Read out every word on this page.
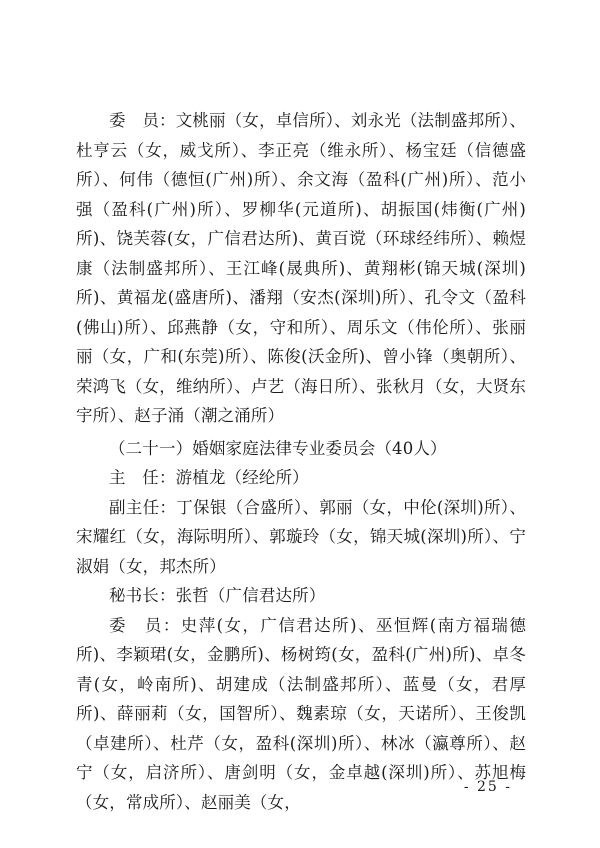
委　员：文桃丽（女，卓信所）、刘永光（法制盛邦所）、杜亨云（女，威戈所）、李正亮（维永所）、杨宝廷（信德盛所）、何伟（德恒(广州)所）、余文海（盈科(广州)所）、范小强（盈科(广州)所）、罗柳华(元道所)、胡振国(炜衡(广州)所)、饶芙蓉(女，广信君达所)、黄百谠（环球经纬所）、赖煜康（法制盛邦所）、王江峰(晟典所)、黄翔彬(锦天城(深圳)所)、黄福龙(盛唐所)、潘翔（安杰(深圳)所）、孔令文（盈科(佛山)所）、邱燕静（女，守和所）、周乐文（伟伦所）、张丽丽（女，广和(东莞)所）、陈俊(沃金所)、曾小锋（奥朝所）、荣鸿飞（女，维纳所）、卢艺（海日所）、张秋月（女，大贤东宇所）、赵子涌（潮之涌所）

（二十一）婚姻家庭法律专业委员会（40人）

主　任：游植龙（经纶所）

副主任：丁保银（合盛所）、郭丽（女，中伦(深圳)所）、宋耀红（女，海际明所）、郭璇玲（女，锦天城(深圳)所）、宁淑娟（女，邦杰所）

秘书长：张哲（广信君达所）

委　员：史萍(女，广信君达所)、巫恒辉(南方福瑞德所)、李颖珺(女，金鹏所)、杨树筠(女，盈科(广州)所)、卓冬青(女，岭南所)、胡建成（法制盛邦所）、蓝曼（女，君厚所)、薛丽莉（女，国智所）、魏素琼（女，天诺所）、王俊凯（卓建所）、杜芹（女，盈科(深圳)所）、林冰（瀛尊所）、赵宁（女，启济所）、唐剑明（女，金卓越(深圳)所）、苏旭梅（女，常成所）、赵丽美（女，

- 25 -
